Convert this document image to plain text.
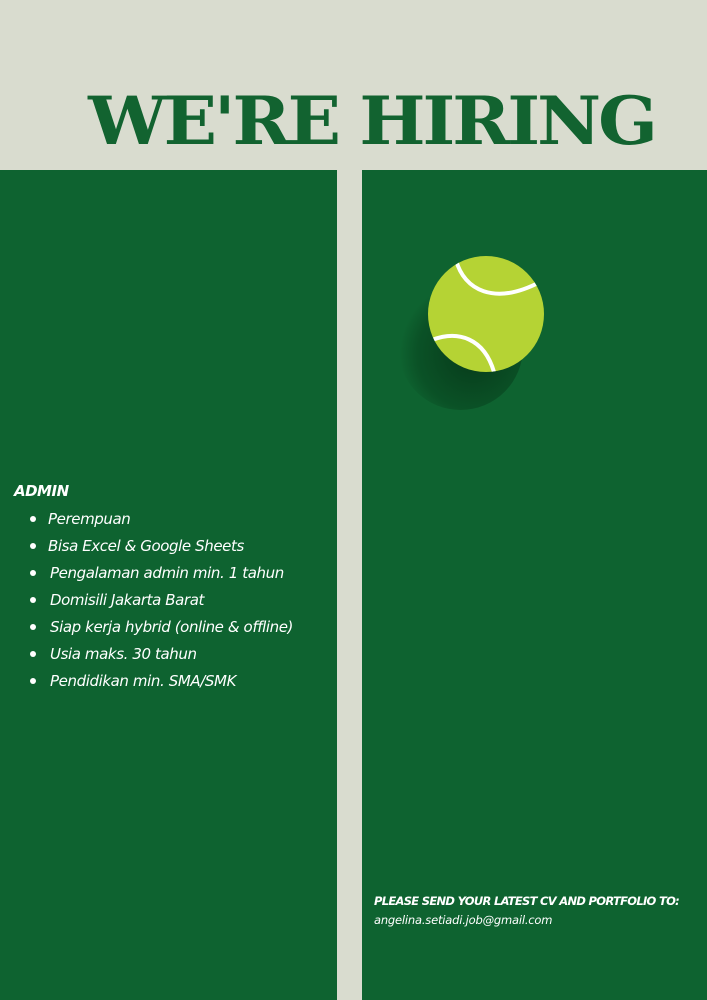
WE'RE HIRING
ADMIN
Perempuan
Bisa Excel & Google Sheets
Pengalaman admin min. 1 tahun
Domisili Jakarta Barat
Siap kerja hybrid (online & offline)
Usia maks. 30 tahun
Pendidikan min. SMA/SMK
PLEASE SEND YOUR LATEST CV AND PORTFOLIO TO:
angelina.setiadi.job@gmail.com
